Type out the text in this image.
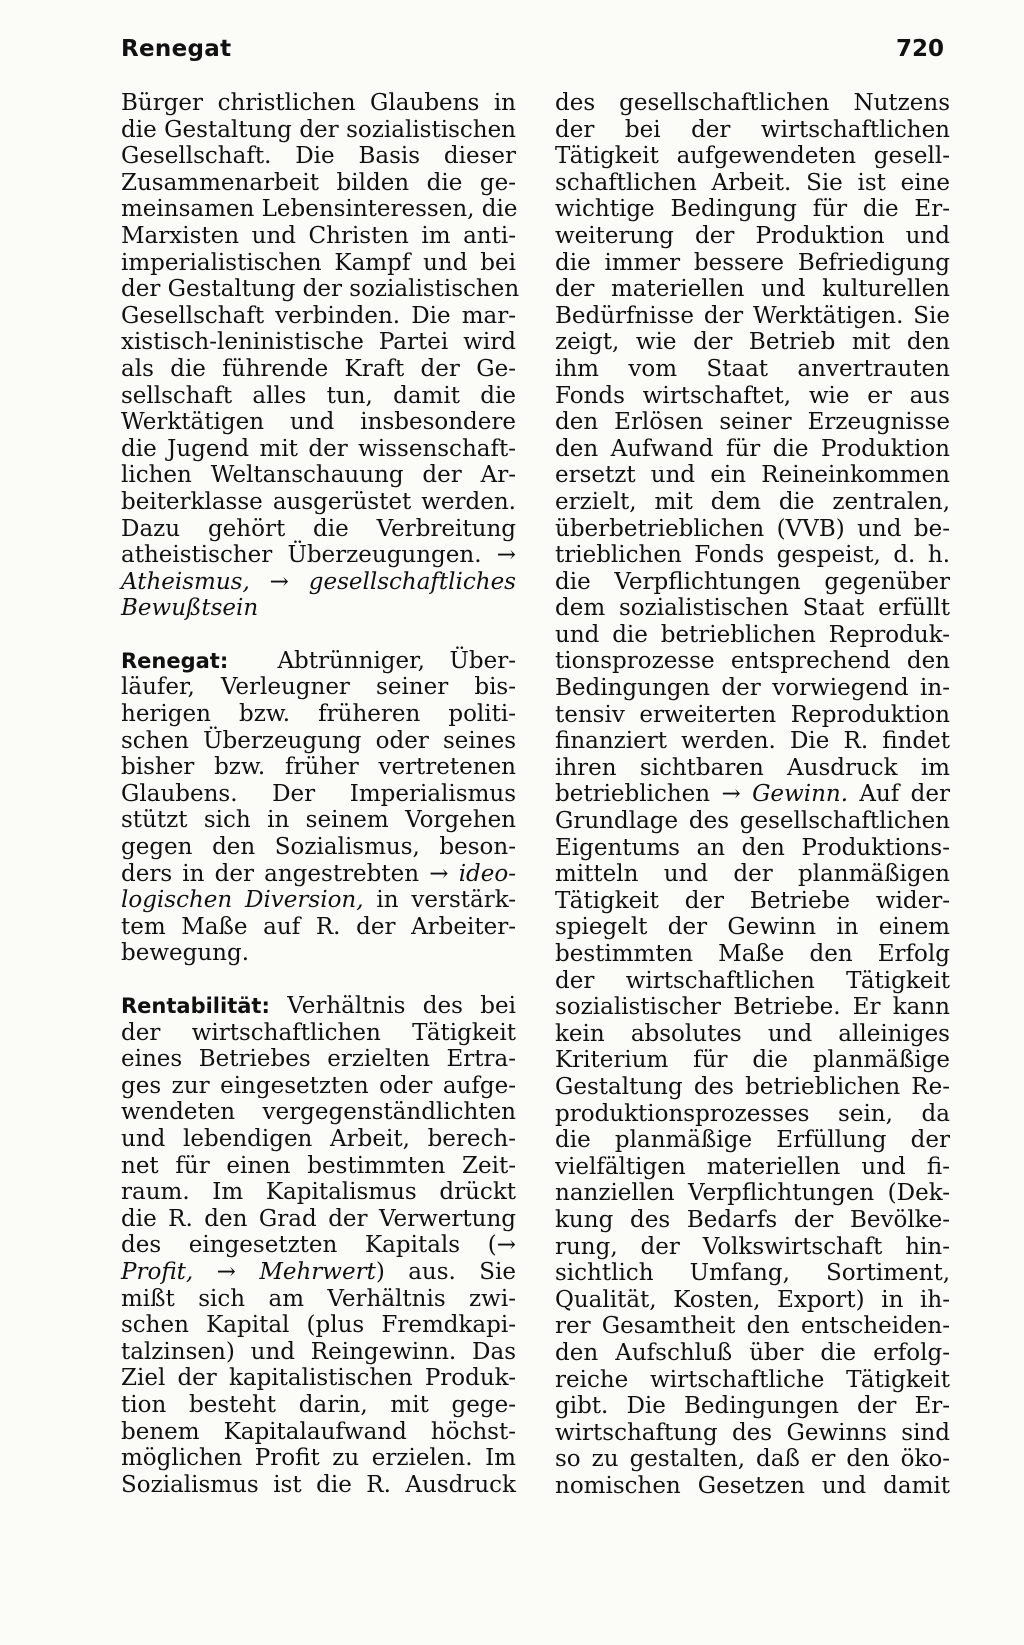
Renegat	720
Bürger christlichen Glaubens in
die Gestaltung der sozialistischen
Gesellschaft. Die Basis dieser
Zusammenarbeit bilden die ge-
meinsamen Lebensinteressen, die
Marxisten und Christen im anti-
imperialistischen Kampf und bei
der Gestaltung der sozialistischen
Gesellschaft verbinden. Die mar-
xistisch-leninistische Partei wird
als die führende Kraft der Ge-
sellschaft alles tun, damit die
Werktätigen und insbesondere
die Jugend mit der wissenschaft-
lichen Weltanschauung der Ar-
beiterklasse ausgerüstet werden.
Dazu gehört die Verbreitung
atheistischer Überzeugungen. →
Atheismus, → gesellschaftliches
Bewußtsein
Renegat: Abtrünniger, Über-
läufer, Verleugner seiner bis-
herigen bzw. früheren politi-
schen Überzeugung oder seines
bisher bzw. früher vertretenen
Glaubens. Der Imperialismus
stützt sich in seinem Vorgehen
gegen den Sozialismus, beson-
ders in der angestrebten → ideo-
logischen Diversion, in verstärk-
tem Maße auf R. der Arbeiter-
bewegung.
Rentabilität: Verhältnis des bei
der wirtschaftlichen Tätigkeit
eines Betriebes erzielten Ertra-
ges zur eingesetzten oder aufge-
wendeten vergegenständlichten
und lebendigen Arbeit, berech-
net für einen bestimmten Zeit-
raum. Im Kapitalismus drückt
die R. den Grad der Verwertung
des eingesetzten Kapitals (→
Profit, → Mehrwert) aus. Sie
mißt sich am Verhältnis zwi-
schen Kapital (plus Fremdkapi-
talzinsen) und Reingewinn. Das
Ziel der kapitalistischen Produk-
tion besteht darin, mit gege-
benem Kapitalaufwand höchst-
möglichen Profit zu erzielen. Im
Sozialismus ist die R. Ausdruck
des gesellschaftlichen Nutzens
der bei der wirtschaftlichen
Tätigkeit aufgewendeten gesell-
schaftlichen Arbeit. Sie ist eine
wichtige Bedingung für die Er-
weiterung der Produktion und
die immer bessere Befriedigung
der materiellen und kulturellen
Bedürfnisse der Werktätigen. Sie
zeigt, wie der Betrieb mit den
ihm vom Staat anvertrauten
Fonds wirtschaftet, wie er aus
den Erlösen seiner Erzeugnisse
den Aufwand für die Produktion
ersetzt und ein Reineinkommen
erzielt, mit dem die zentralen,
überbetrieblichen (VVB) und be-
trieblichen Fonds gespeist, d. h.
die Verpflichtungen gegenüber
dem sozialistischen Staat erfüllt
und die betrieblichen Reproduk-
tionsprozesse entsprechend den
Bedingungen der vorwiegend in-
tensiv erweiterten Reproduktion
finanziert werden. Die R. findet
ihren sichtbaren Ausdruck im
betrieblichen → Gewinn. Auf der
Grundlage des gesellschaftlichen
Eigentums an den Produktions-
mitteln und der planmäßigen
Tätigkeit der Betriebe wider-
spiegelt der Gewinn in einem
bestimmten Maße den Erfolg
der wirtschaftlichen Tätigkeit
sozialistischer Betriebe. Er kann
kein absolutes und alleiniges
Kriterium für die planmäßige
Gestaltung des betrieblichen Re-
produktionsprozesses sein, da
die planmäßige Erfüllung der
vielfältigen materiellen und fi-
nanziellen Verpflichtungen (Dek-
kung des Bedarfs der Bevölke-
rung, der Volkswirtschaft hin-
sichtlich Umfang, Sortiment,
Qualität, Kosten, Export) in ih-
rer Gesamtheit den entscheiden-
den Aufschluß über die erfolg-
reiche wirtschaftliche Tätigkeit
gibt. Die Bedingungen der Er-
wirtschaftung des Gewinns sind
so zu gestalten, daß er den öko-
nomischen Gesetzen und damit
